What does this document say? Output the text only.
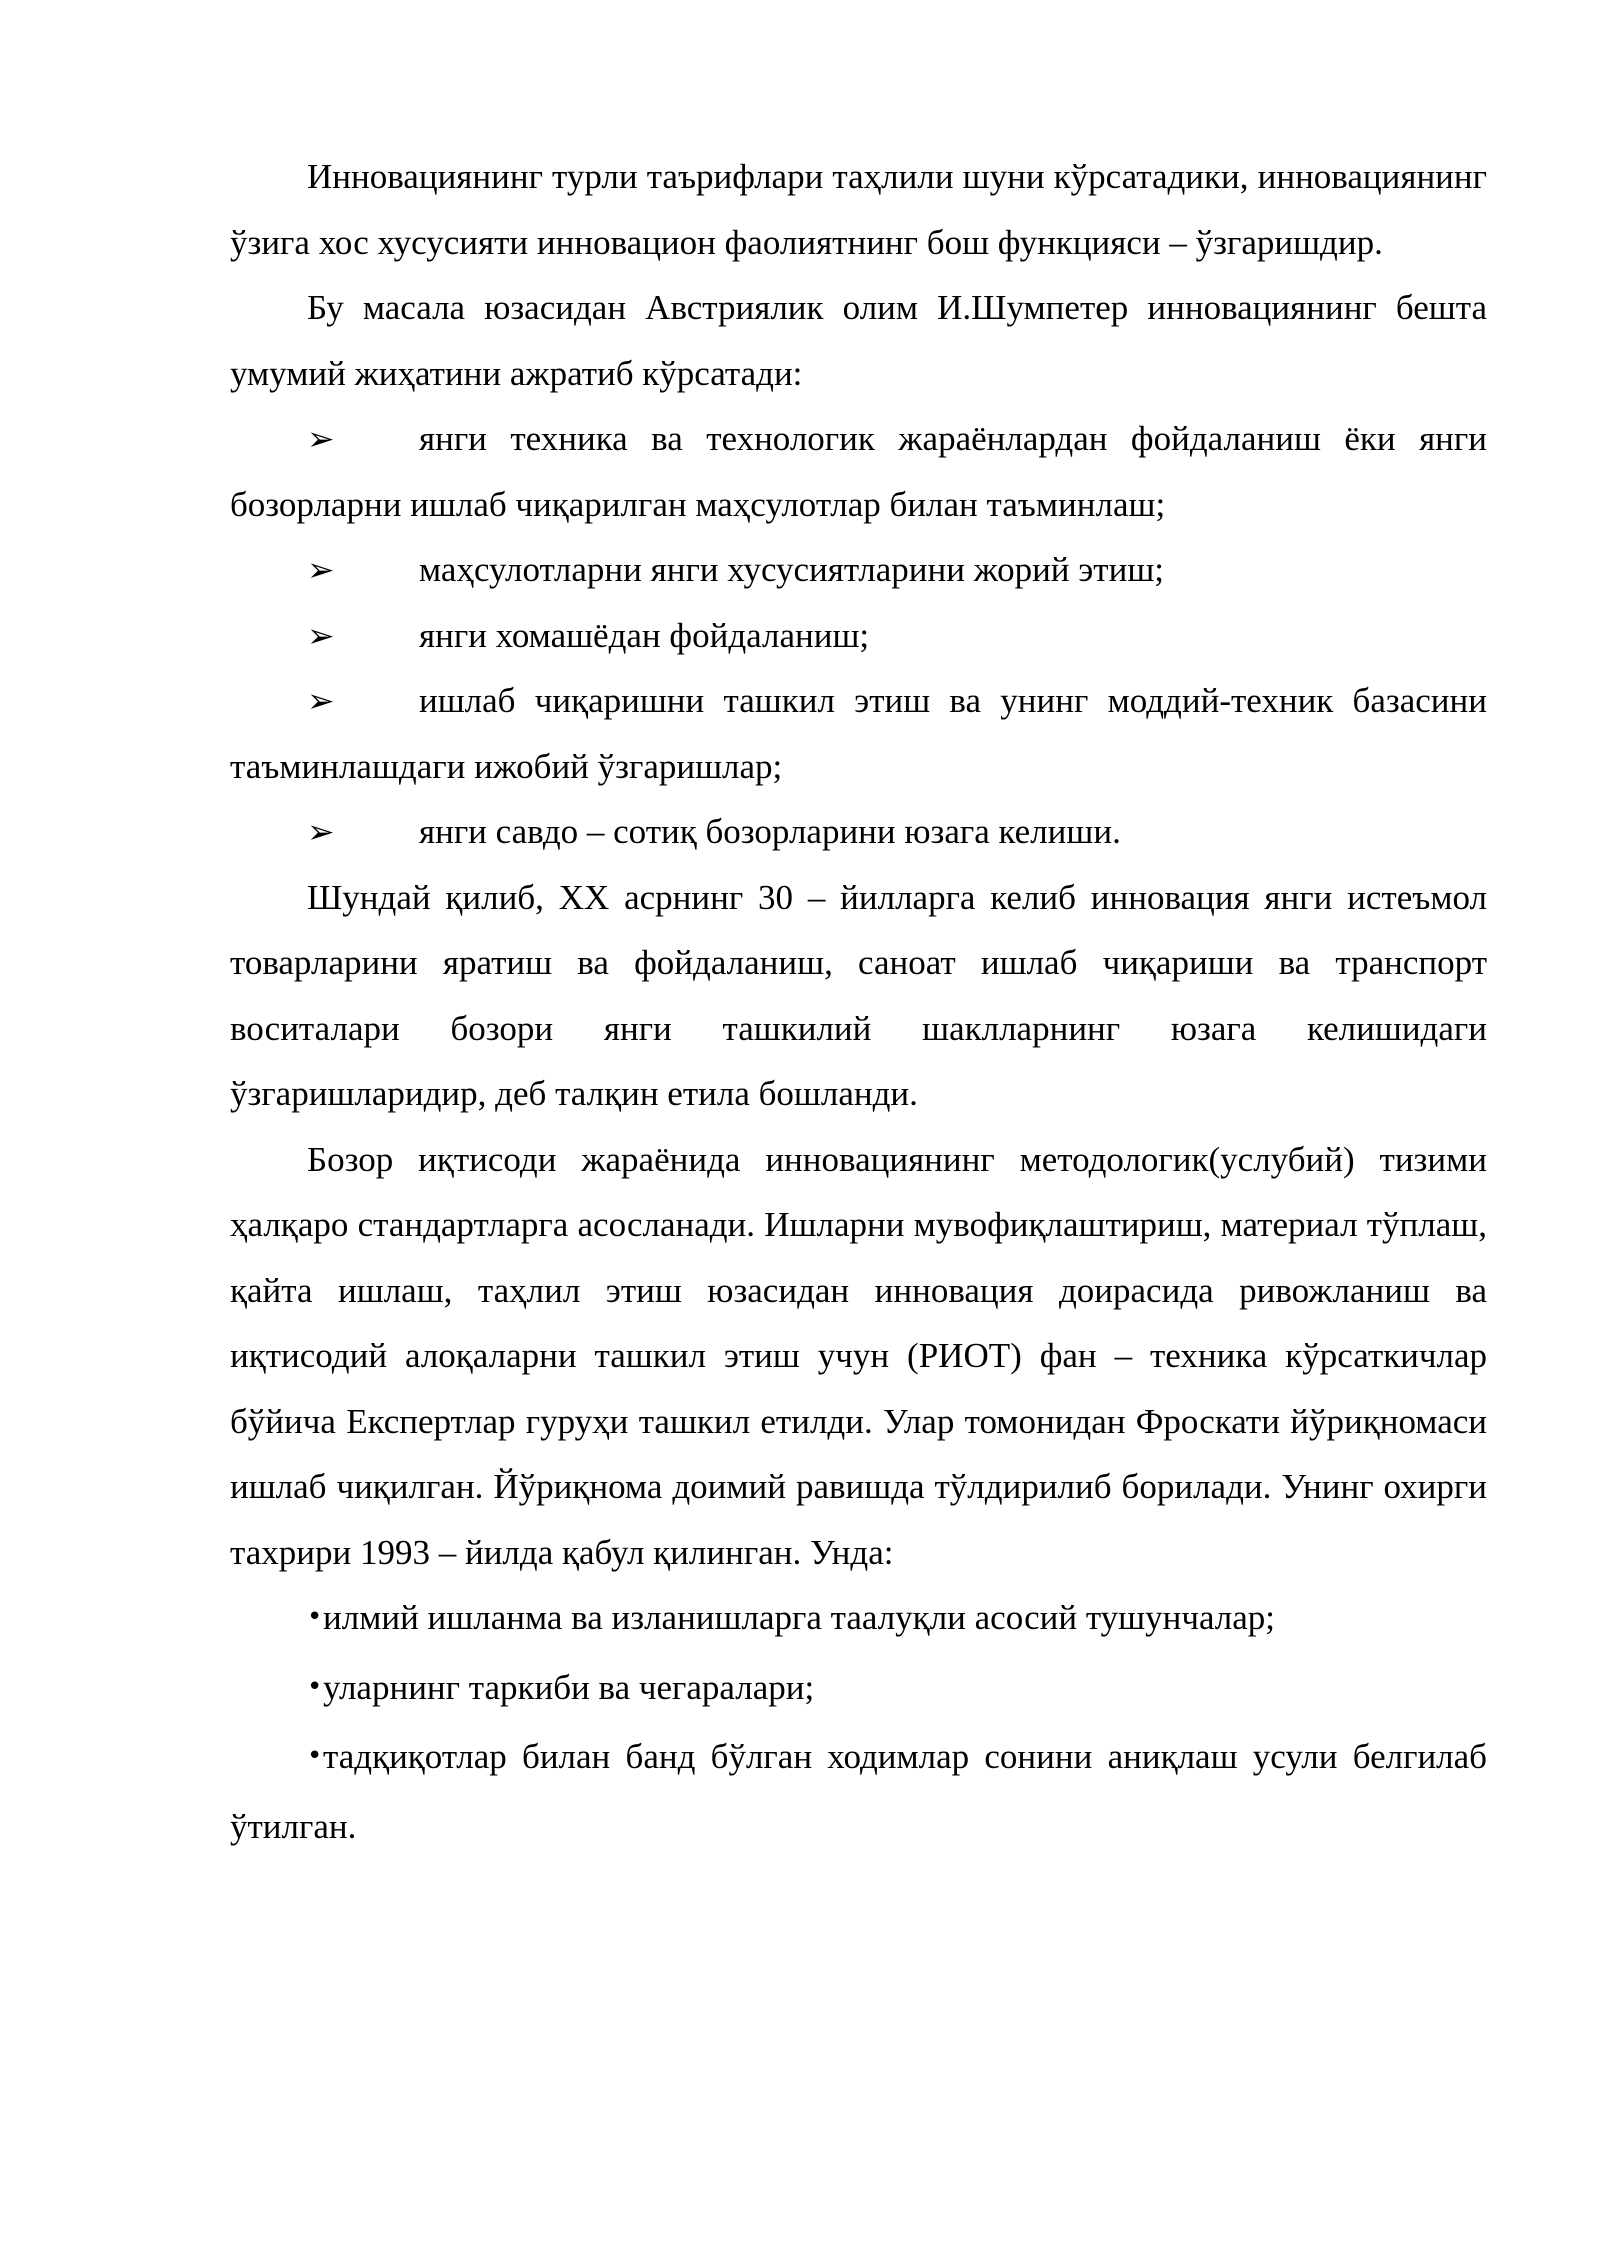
Инновациянинг турли таърифлари таҳлили шуни кўрсатадики, инновациянинг ўзига хос хусусияти инновацион фаолиятнинг бош функцияси – ўзгаришдир.

Бу масала юзасидан Австриялик олим И.Шумпетер инновациянинг бешта умумий жиҳатини ажратиб кўрсатади:

➢ янги техника ва технологик жараёнлардан фойдаланиш ёки янги бозорларни ишлаб чиқарилган маҳсулотлар билан таъминлаш;

➢ маҳсулотларни янги хусусиятларини жорий этиш;

➢ янги хомашёдан фойдаланиш;

➢ ишлаб чиқаришни ташкил этиш ва унинг моддий-техник базасини таъминлашдаги ижобий ўзгаришлар;

➢ янги савдо – сотиқ бозорларини юзага келиши.

Шундай қилиб, XX асрнинг 30 – йилларга келиб инновация янги истеъмол товарларини яратиш ва фойдаланиш, саноат ишлаб чиқариши ва транспорт воситалари бозори янги ташкилий шаклларнинг юзага келишидаги ўзгаришларидир, деб талқин етила бошланди.

Бозор иқтисоди жараёнида инновациянинг методологик(услубий) тизими ҳалқаро стандартларга асосланади. Ишларни мувофиқлаштириш, материал тўплаш, қайта ишлаш, таҳлил этиш юзасидан инновация доирасида ривожланиш ва иқтисодий алоқаларни ташкил этиш учун (РИОТ) фан – техника кўрсаткичлар бўйича Експертлар гуруҳи ташкил етилди. Улар томонидан Фроскати йўриқномаси ишлаб чиқилган. Йўриқнома доимий равишда тўлдирилиб борилади. Унинг охирги тахрири 1993 – йилда қабул қилинган. Унда:

•илмий ишланма ва изланишларга таалуқли асосий тушунчалар;

•уларнинг таркиби ва чегаралари;

•тадқиқотлар билан банд бўлган ходимлар сонини аниқлаш усули белгилаб ўтилган.
